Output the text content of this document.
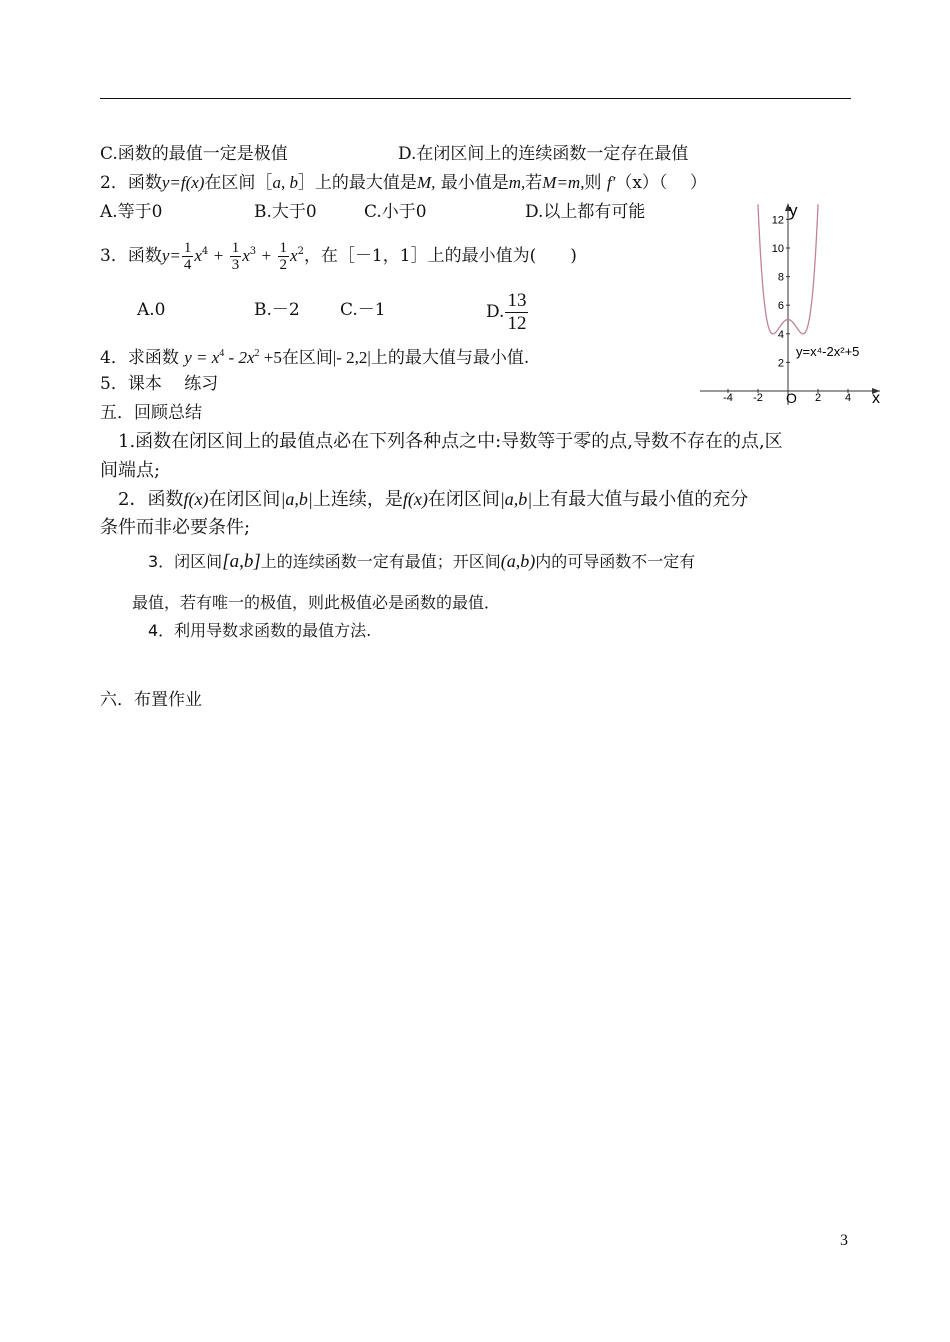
C.函数的最值一定是极值	D.在闭区间上的连续函数一定存在最值
2．函数y=f(x)在区间［a, b］上的最大值是M, 最小值是m,若M=m,则 f′（x）（　 ）
A.等于0	B.大于0	C.小于0	D.以上都有可能
3．函数$y= \frac{1}{4} x^4 + \frac{1}{3} x^3 + \frac{1}{2} x^2$，在［－1，1］上的最小值为(　　)
A.0	B.－2 C.－1	D. $\frac{13}{12}$
4．求函数 $y = x^4 - 2x^2 +5$在区间|- 2,2|上的最大值与最小值.
5．课本　 练习
五．回顾总结
1.函数在闭区间上的最值点必在下列各种点之中:导数等于零的点,导数不存在的点,区
间端点;
2．函数f(x)在闭区间|a,b|上连续，是f(x)在闭区间|a,b|上有最大值与最小值的充分
条件而非必要条件;
3．闭区间[a,b]上的连续函数一定有最值；开区间(a,b)内的可导函数不一定有
最值，若有唯一的极值，则此极值必是函数的最值．
4．利用导数求函数的最值方法.
六．布置作业
y
x
O
12
10
8
6
4
2
-4 -2	2 4
y=x⁴-2x²+5
3
